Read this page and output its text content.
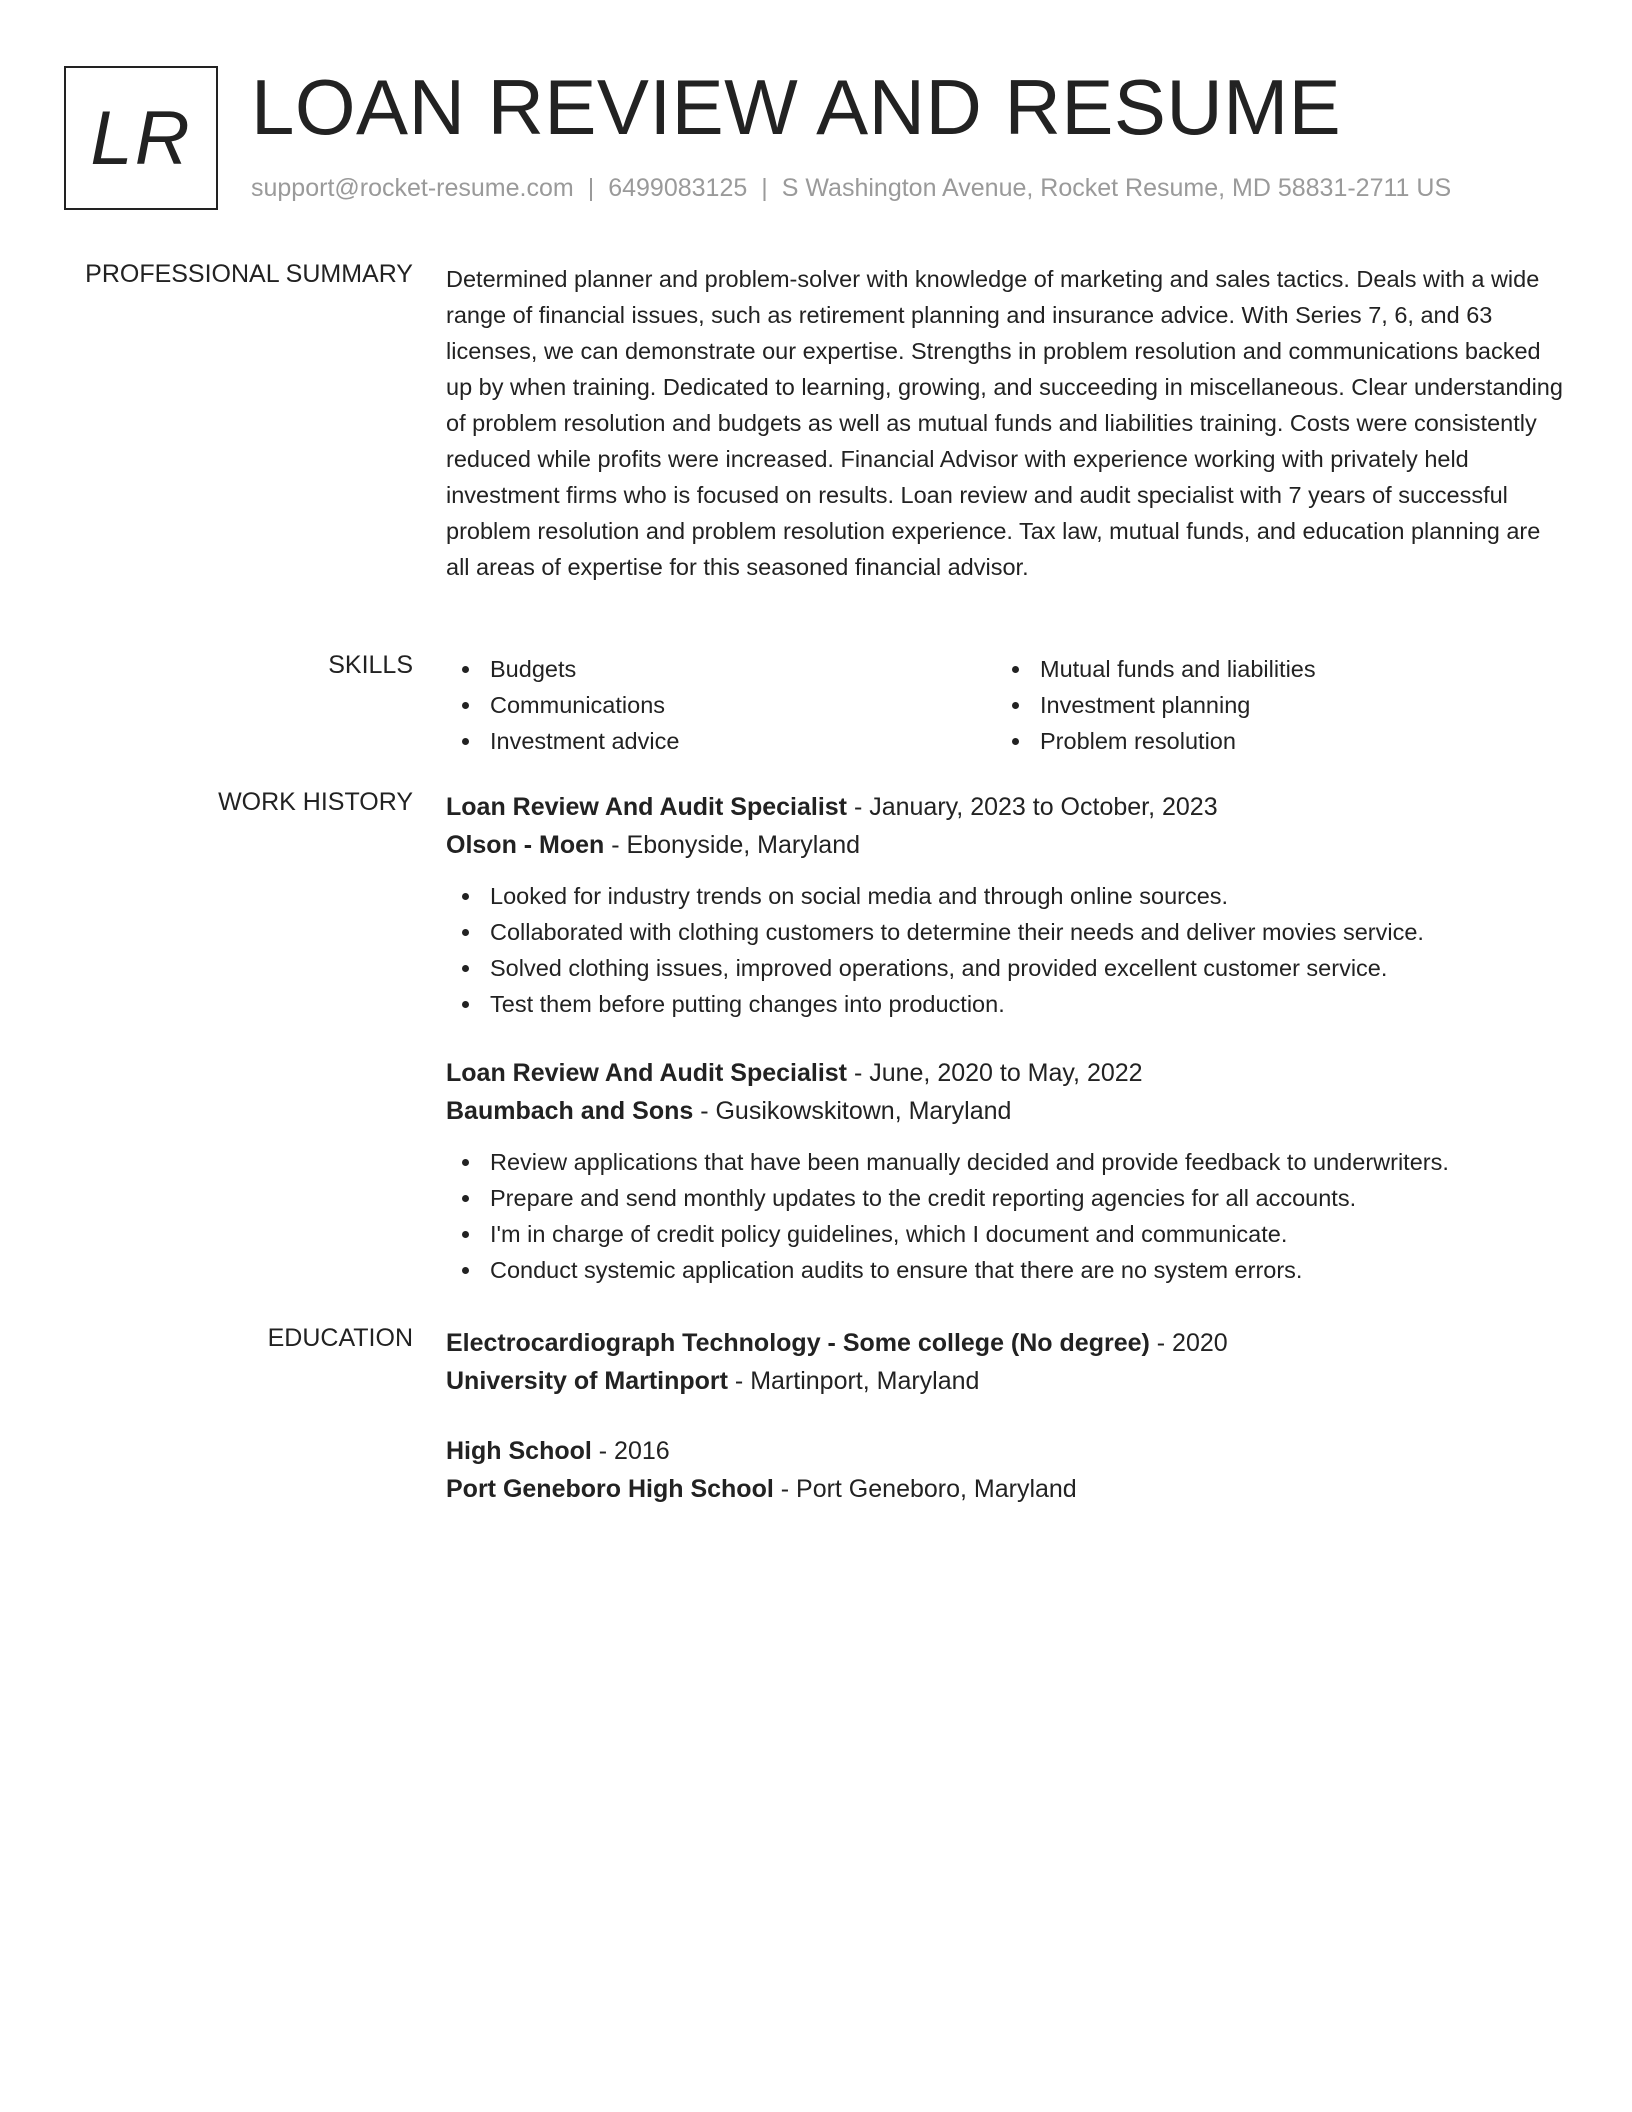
LR LOAN REVIEW AND RESUME
support@rocket-resume.com | 6499083125 | S Washington Avenue, Rocket Resume, MD 58831-2711 US
PROFESSIONAL SUMMARY Determined planner and problem-solver with knowledge of marketing and sales tactics. Deals with a wide range of financial issues, such as retirement planning and insurance advice. With Series 7, 6, and 63 licenses, we can demonstrate our expertise. Strengths in problem resolution and communications backed up by when training. Dedicated to learning, growing, and succeeding in miscellaneous. Clear understanding of problem resolution and budgets as well as mutual funds and liabilities training. Costs were consistently reduced while profits were increased. Financial Advisor with experience working with privately held investment firms who is focused on results. Loan review and audit specialist with 7 years of successful problem resolution and problem resolution experience. Tax law, mutual funds, and education planning are all areas of expertise for this seasoned financial advisor.

SKILLS	Budgets
Communications
Investment advice
Mutual funds and liabilities
Investment planning
Problem resolution
WORK HISTORY Loan Review And Audit Specialist - January, 2023 to October, 2023
Olson - Moen - Ebonyside, Maryland
Looked for industry trends on social media and through online sources.
Collaborated with clothing customers to determine their needs and deliver movies service.
Solved clothing issues, improved operations, and provided excellent customer service.
Test them before putting changes into production.
Loan Review And Audit Specialist - June, 2020 to May, 2022
Baumbach and Sons - Gusikowskitown, Maryland
Review applications that have been manually decided and provide feedback to underwriters.
Prepare and send monthly updates to the credit reporting agencies for all accounts.
I'm in charge of credit policy guidelines, which I document and communicate.
Conduct systemic application audits to ensure that there are no system errors.
EDUCATION Electrocardiograph Technology - Some college (No degree) - 2020
University of Martinport - Martinport, Maryland
High School - 2016
Port Geneboro High School - Port Geneboro, Maryland
